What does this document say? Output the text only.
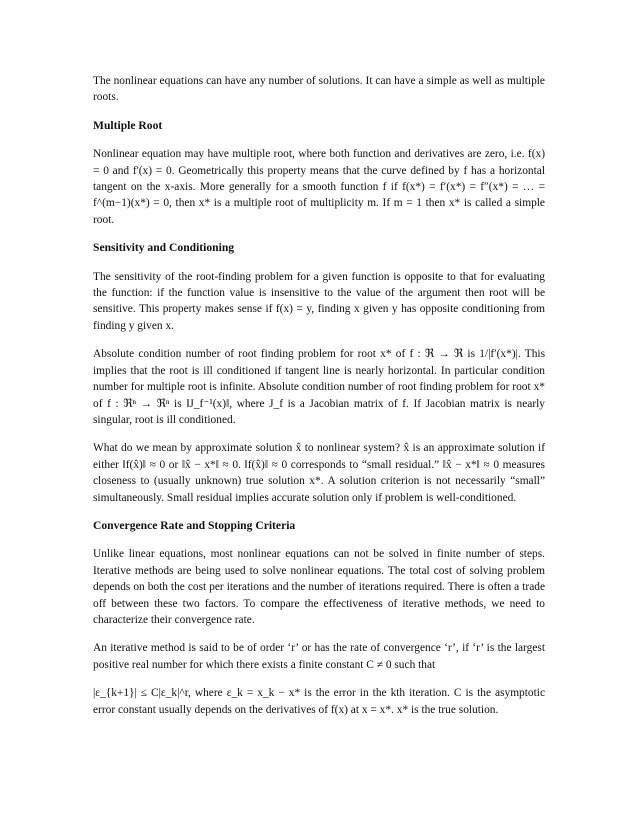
The nonlinear equations can have any number of solutions. It can have a simple as well as multiple roots.

Multiple Root

Nonlinear equation may have multiple root, where both function and derivatives are zero, i.e. f(x) = 0 and f'(x) = 0. Geometrically this property means that the curve defined by f has a horizontal tangent on the x-axis. More generally for a smooth function f if f(x*) = f′(x*) = f″(x*) = … = f^(m−1)(x*) = 0, then x* is a multiple root of multiplicity m. If m = 1 then x* is called a simple root.

Sensitivity and Conditioning

The sensitivity of the root-finding problem for a given function is opposite to that for evaluating the function: if the function value is insensitive to the value of the argument then root will be sensitive. This property makes sense if f(x) = y, finding x given y has opposite conditioning from finding y given x.

Absolute condition number of root finding problem for root x* of f : ℜ → ℜ is 1/|f′(x*)|. This implies that the root is ill conditioned if tangent line is nearly horizontal. In particular condition number for multiple root is infinite. Absolute condition number of root finding problem for root x* of f : ℜⁿ → ℜⁿ is ‖J_f⁻¹(x)‖, where J_f is a Jacobian matrix of f. If Jacobian matrix is nearly singular, root is ill conditioned.

What do we mean by approximate solution x̂ to nonlinear system? x̂ is an approximate solution if either ‖f(x̂)‖ ≈ 0 or ‖x̂ − x*‖ ≈ 0. ‖f(x̂)‖ ≈ 0 corresponds to “small residual.” ‖x̂ − x*‖ ≈ 0 measures closeness to (usually unknown) true solution x*. A solution criterion is not necessarily “small” simultaneously. Small residual implies accurate solution only if problem is well-conditioned.

Convergence Rate and Stopping Criteria

Unlike linear equations, most nonlinear equations can not be solved in finite number of steps. Iterative methods are being used to solve nonlinear equations. The total cost of solving problem depends on both the cost per iterations and the number of iterations required. There is often a trade off between these two factors. To compare the effectiveness of iterative methods, we need to characterize their convergence rate.

An iterative method is said to be of order ‘r’ or has the rate of convergence ‘r’, if ‘r’ is the largest positive real number for which there exists a finite constant C ≠ 0 such that

|ε_{k+1}| ≤ C|ε_k|^r, where ε_k = x_k − x* is the error in the kth iteration. C is the asymptotic error constant usually depends on the derivatives of f(x) at x = x*. x* is the true solution.
